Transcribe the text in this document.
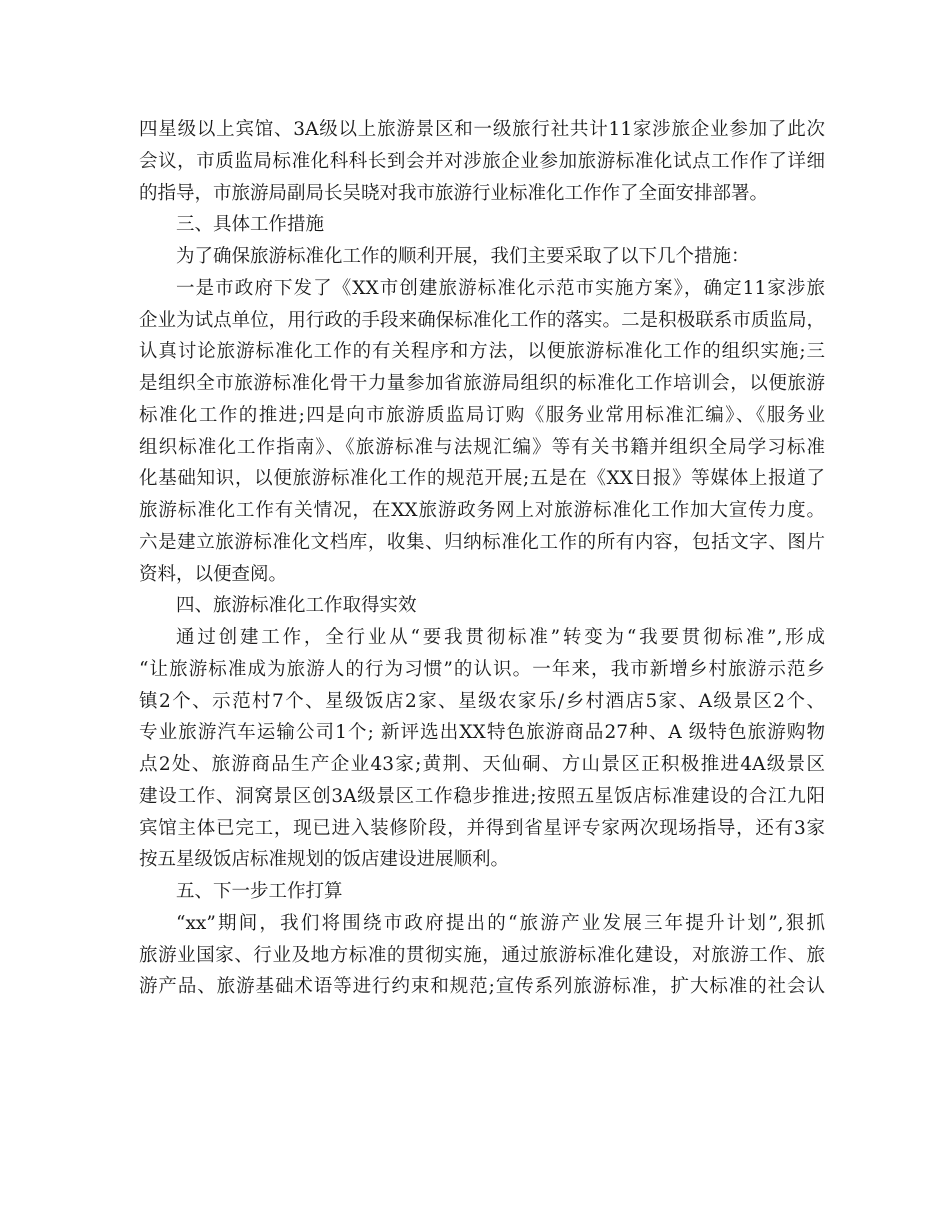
四星级以上宾馆、3A级以上旅游景区和一级旅行社共计11家涉旅企业参加了此次
会议，市质监局标准化科科长到会并对涉旅企业参加旅游标准化试点工作作了详细
的指导，市旅游局副局长吴晓对我市旅游行业标准化工作作了全面安排部署。
三、具体工作措施
为了确保旅游标准化工作的顺利开展，我们主要采取了以下几个措施：
一是市政府下发了《XX市创建旅游标准化示范市实施方案》，确定11家涉旅
企业为试点单位，用行政的手段来确保标准化工作的落实。二是积极联系市质监局，
认真讨论旅游标准化工作的有关程序和方法，以便旅游标准化工作的组织实施;三
是组织全市旅游标准化骨干力量参加省旅游局组织的标准化工作培训会，以便旅游
标准化工作的推进;四是向市旅游质监局订购《服务业常用标准汇编》、《服务业
组织标准化工作指南》、《旅游标准与法规汇编》等有关书籍并组织全局学习标准
化基础知识，以便旅游标准化工作的规范开展;五是在《XX日报》等媒体上报道了
旅游标准化工作有关情况，在XX旅游政务网上对旅游标准化工作加大宣传力度。
六是建立旅游标准化文档库，收集、归纳标准化工作的所有内容，包括文字、图片
资料，以便查阅。
四、旅游标准化工作取得实效
通过创建工作，全行业从“要我贯彻标准”转变为“我要贯彻标准”,形成
“让旅游标准成为旅游人的行为习惯”的认识。一年来，我市新增乡村旅游示范乡
镇2个、示范村7个、星级饭店2家、星级农家乐/乡村酒店5家、A级景区2个、
专业旅游汽车运输公司1个; 新评选出XX特色旅游商品27种、A 级特色旅游购物
点2处、旅游商品生产企业43家;黄荆、天仙硐、方山景区正积极推进4A级景区
建设工作、洞窝景区创3A级景区工作稳步推进;按照五星饭店标准建设的合江九阳
宾馆主体已完工，现已进入装修阶段，并得到省星评专家两次现场指导，还有3家
按五星级饭店标准规划的饭店建设进展顺利。
五、下一步工作打算
“xx”期间，我们将围绕市政府提出的“旅游产业发展三年提升计划”,狠抓
旅游业国家、行业及地方标准的贯彻实施，通过旅游标准化建设，对旅游工作、旅
游产品、旅游基础术语等进行约束和规范;宣传系列旅游标准，扩大标准的社会认
